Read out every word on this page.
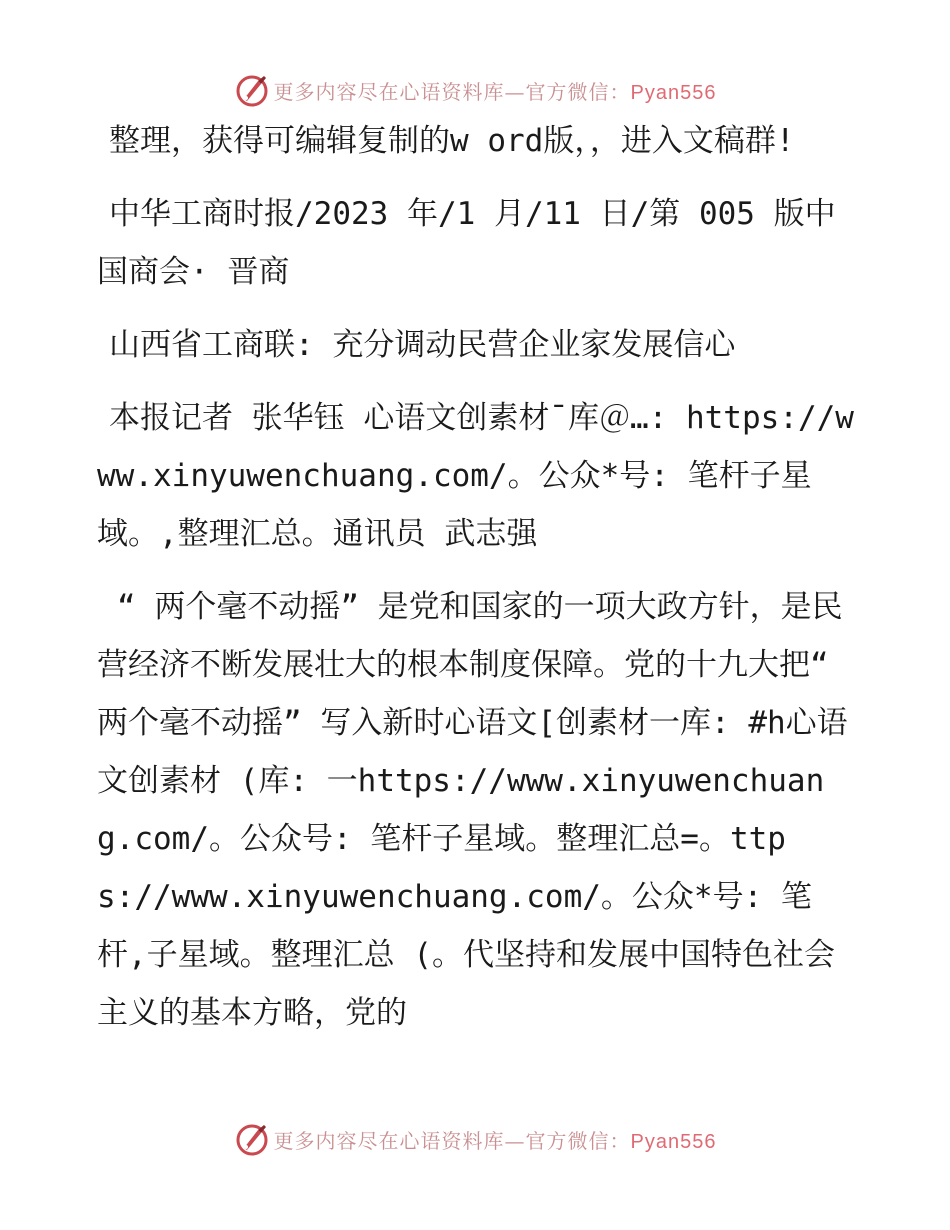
更多内容尽在心语资料库—官方微信：Pyan556

整理，获得可编辑复制的w ord版，，进入文稿群!

中华工商时报/2023 年/1 月/11 日/第 005 版中国商会· 晋商

山西省工商联: 充分调动民营企业家发展信心

本报记者 张华钰 心语文创素材¯库＠…: https://www.xinyuwenchuang.com/。公众*号: 笔杆子星域。,整理汇总。通讯员 武志强

“ 两个毫不动摇” 是党和国家的一项大政方针，是民营经济不断发展壮大的根本制度保障。党的十九大把“ 两个毫不动摇” 写入新时心语文[创素材一库: #h心语文创素材 (库: 一https://www.xinyuwenchuang.com/。公众号: 笔杆子星域。整理汇总=。ttps://www.xinyuwenchuang.com/。公众*号: 笔杆,子星域。整理汇总 (。代坚持和发展中国特色社会主义的基本方略，党的

更多内容尽在心语资料库—官方微信：Pyan556
